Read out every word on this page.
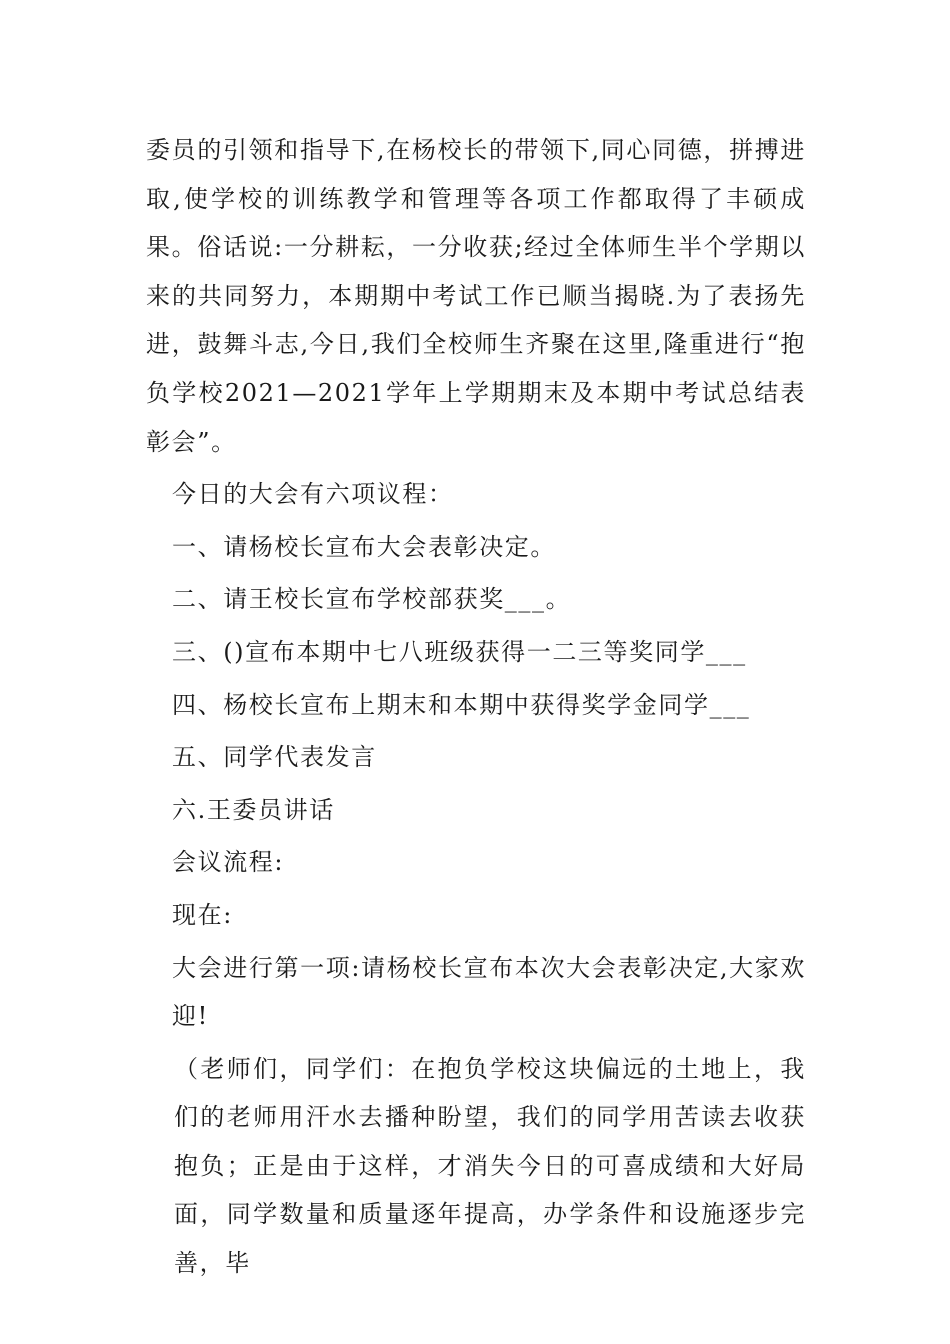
委员的引领和指导下,在杨校长的带领下,同心同德，拼搏进取,使学校的训练教学和管理等各项工作都取得了丰硕成果。俗话说:一分耕耘，一分收获;经过全体师生半个学期以来的共同努力，本期期中考试工作已顺当揭晓.为了表扬先进，鼓舞斗志,今日,我们全校师生齐聚在这里,隆重进行“抱负学校2021—2021学年上学期期末及本期中考试总结表彰会”。

今日的大会有六项议程：

一、请杨校长宣布大会表彰决定。

二、请王校长宣布学校部获奖___。

三、()宣布本期中七八班级获得一二三等奖同学___

四、杨校长宣布上期末和本期中获得奖学金同学___

五、同学代表发言

六.王委员讲话

会议流程:

现在:

大会进行第一项:请杨校长宣布本次大会表彰决定,大家欢迎!

（老师们，同学们：在抱负学校这块偏远的土地上，我们的老师用汗水去播种盼望，我们的同学用苦读去收获抱负；正是由于这样，才消失今日的可喜成绩和大好局面，同学数量和质量逐年提高，办学条件和设施逐步完善，毕
